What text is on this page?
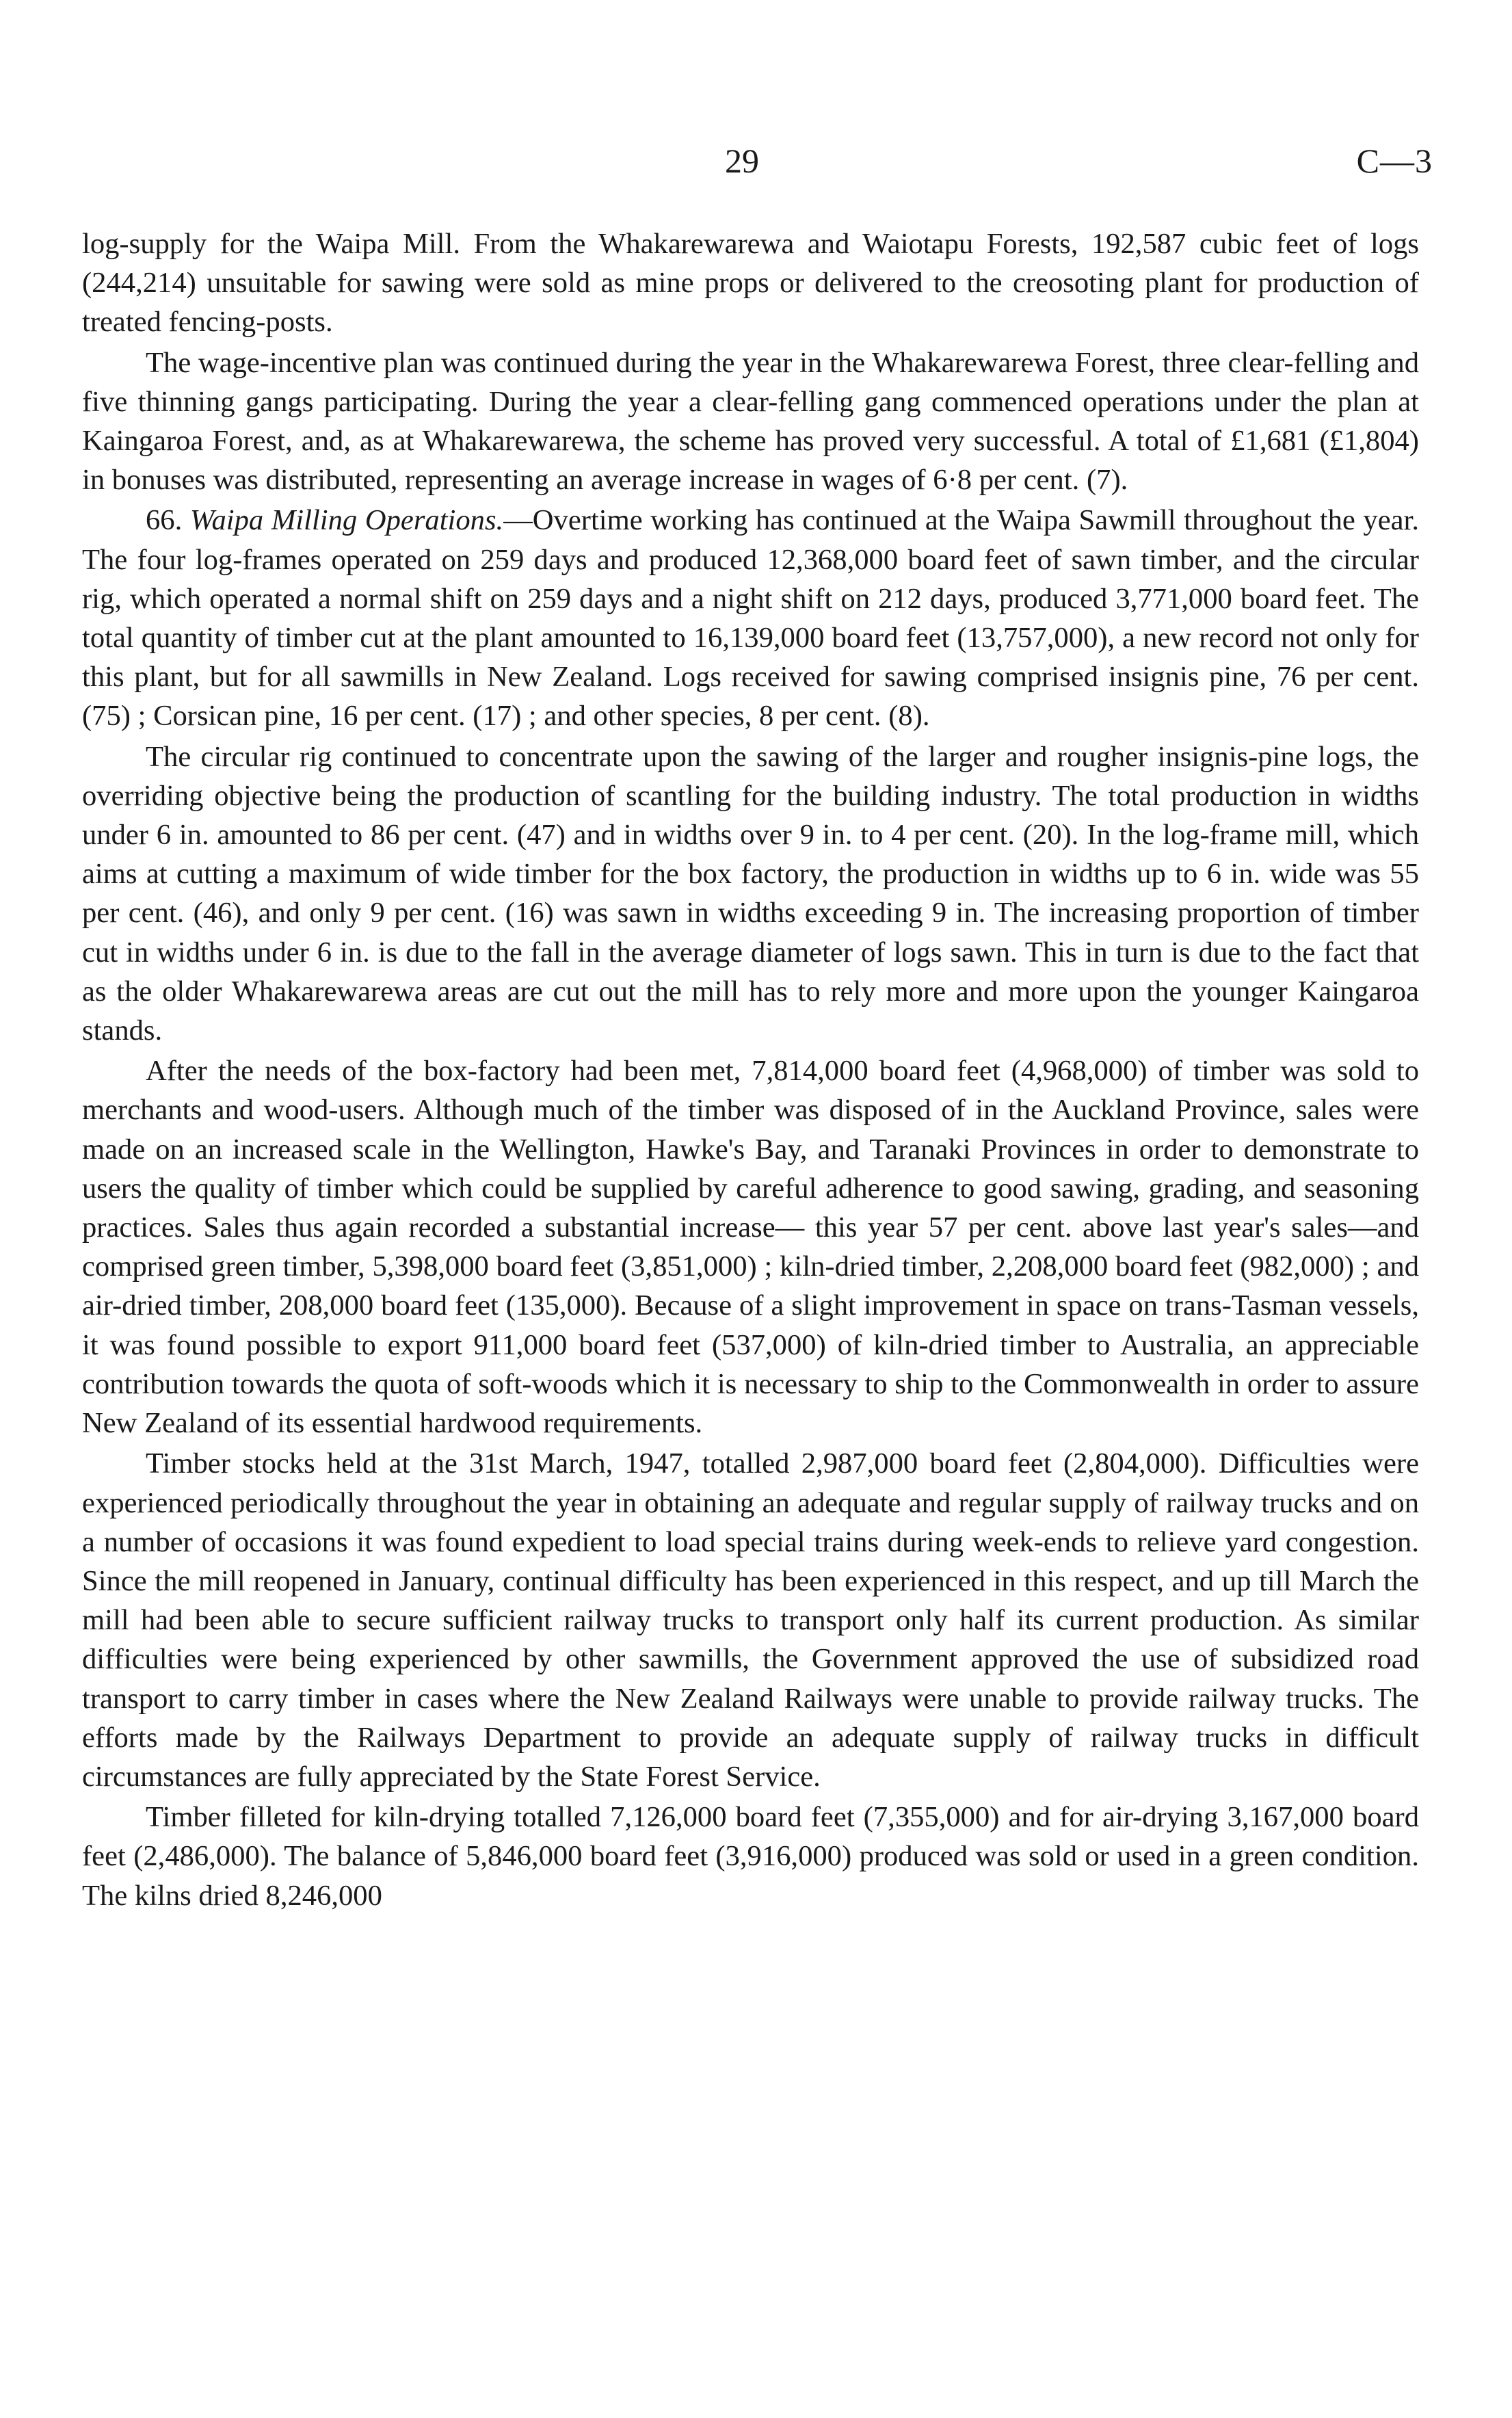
29	C—3

log-supply for the Waipa Mill. From the Whakarewarewa and Waiotapu Forests, 192,587 cubic feet of logs (244,214) unsuitable for sawing were sold as mine props or delivered to the creosoting plant for production of treated fencing-posts.

The wage-incentive plan was continued during the year in the Whakarewarewa Forest, three clear-felling and five thinning gangs participating. During the year a clear-felling gang commenced operations under the plan at Kaingaroa Forest, and, as at Whakarewarewa, the scheme has proved very successful. A total of £1,681 (£1,804) in bonuses was distributed, representing an average increase in wages of 6·8 per cent. (7).

66. Waipa Milling Operations.—Overtime working has continued at the Waipa Sawmill throughout the year. The four log-frames operated on 259 days and produced 12,368,000 board feet of sawn timber, and the circular rig, which operated a normal shift on 259 days and a night shift on 212 days, produced 3,771,000 board feet. The total quantity of timber cut at the plant amounted to 16,139,000 board feet (13,757,000), a new record not only for this plant, but for all sawmills in New Zealand. Logs received for sawing comprised insignis pine, 76 per cent. (75) ; Corsican pine, 16 per cent. (17) ; and other species, 8 per cent. (8).

The circular rig continued to concentrate upon the sawing of the larger and rougher insignis-pine logs, the overriding objective being the production of scantling for the building industry. The total production in widths under 6 in. amounted to 86 per cent. (47) and in widths over 9 in. to 4 per cent. (20). In the log-frame mill, which aims at cutting a maximum of wide timber for the box factory, the production in widths up to 6 in. wide was 55 per cent. (46), and only 9 per cent. (16) was sawn in widths exceeding 9 in. The increasing proportion of timber cut in widths under 6 in. is due to the fall in the average diameter of logs sawn. This in turn is due to the fact that as the older Whakarewarewa areas are cut out the mill has to rely more and more upon the younger Kaingaroa stands.

After the needs of the box-factory had been met, 7,814,000 board feet (4,968,000) of timber was sold to merchants and wood-users. Although much of the timber was disposed of in the Auckland Province, sales were made on an increased scale in the Wellington, Hawke's Bay, and Taranaki Provinces in order to demonstrate to users the quality of timber which could be supplied by careful adherence to good sawing, grading, and seasoning practices. Sales thus again recorded a substantial increase— this year 57 per cent. above last year's sales—and comprised green timber, 5,398,000 board feet (3,851,000) ; kiln-dried timber, 2,208,000 board feet (982,000) ; and air-dried timber, 208,000 board feet (135,000). Because of a slight improvement in space on trans-Tasman vessels, it was found possible to export 911,000 board feet (537,000) of kiln-dried timber to Australia, an appreciable contribution towards the quota of soft-woods which it is necessary to ship to the Commonwealth in order to assure New Zealand of its essential hardwood requirements.

Timber stocks held at the 31st March, 1947, totalled 2,987,000 board feet (2,804,000). Difficulties were experienced periodically throughout the year in obtaining an adequate and regular supply of railway trucks and on a number of occasions it was found expedient to load special trains during week-ends to relieve yard congestion. Since the mill reopened in January, continual difficulty has been experienced in this respect, and up till March the mill had been able to secure sufficient railway trucks to transport only half its current production. As similar difficulties were being experienced by other sawmills, the Government approved the use of subsidized road transport to carry timber in cases where the New Zealand Railways were unable to provide railway trucks. The efforts made by the Railways Department to provide an adequate supply of railway trucks in difficult circumstances are fully appreciated by the State Forest Service.

Timber filleted for kiln-drying totalled 7,126,000 board feet (7,355,000) and for air-drying 3,167,000 board feet (2,486,000). The balance of 5,846,000 board feet (3,916,000) produced was sold or used in a green condition. The kilns dried 8,246,000
